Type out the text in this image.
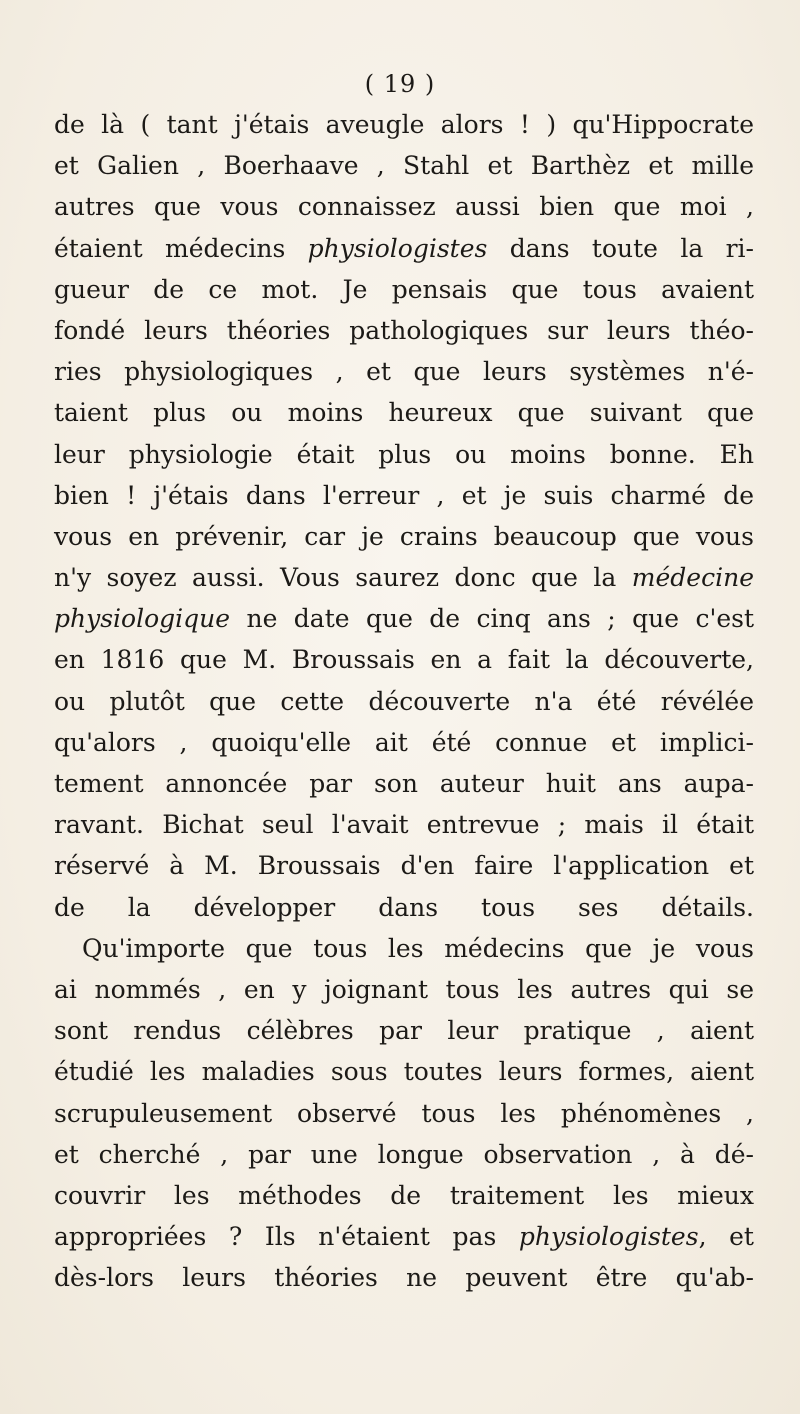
( 19 )
de là ( tant j'étais aveugle alors ! ) qu'Hippocrate
et Galien , Boerhaave , Stahl et Barthèz et mille
autres que vous connaissez aussi bien que moi ,
étaient médecins physiologistes dans toute la ri-
gueur de ce mot. Je pensais que tous avaient
fondé leurs théories pathologiques sur leurs théo-
ries physiologiques , et que leurs systèmes n'é-
taient plus ou moins heureux que suivant que
leur physiologie était plus ou moins bonne. Eh
bien ! j'étais dans l'erreur , et je suis charmé de
vous en prévenir, car je crains beaucoup que vous
n'y soyez aussi. Vous saurez donc que la médecine
physiologique ne date que de cinq ans ; que c'est
en 1816 que M. Broussais en a fait la découverte,
ou plutôt que cette découverte n'a été révélée
qu'alors , quoiqu'elle ait été connue et implici-
tement annoncée par son auteur huit ans aupa-
ravant. Bichat seul l'avait entrevue ; mais il était
réservé à M. Broussais d'en faire l'application et
de la développer dans tous ses détails.
Qu'importe que tous les médecins que je vous
ai nommés , en y joignant tous les autres qui se
sont rendus célèbres par leur pratique , aient
étudié les maladies sous toutes leurs formes, aient
scrupuleusement observé tous les phénomènes ,
et cherché , par une longue observation , à dé-
couvrir les méthodes de traitement les mieux
appropriées ? Ils n'étaient pas physiologistes, et
dès-lors leurs théories ne peuvent être qu'ab-
